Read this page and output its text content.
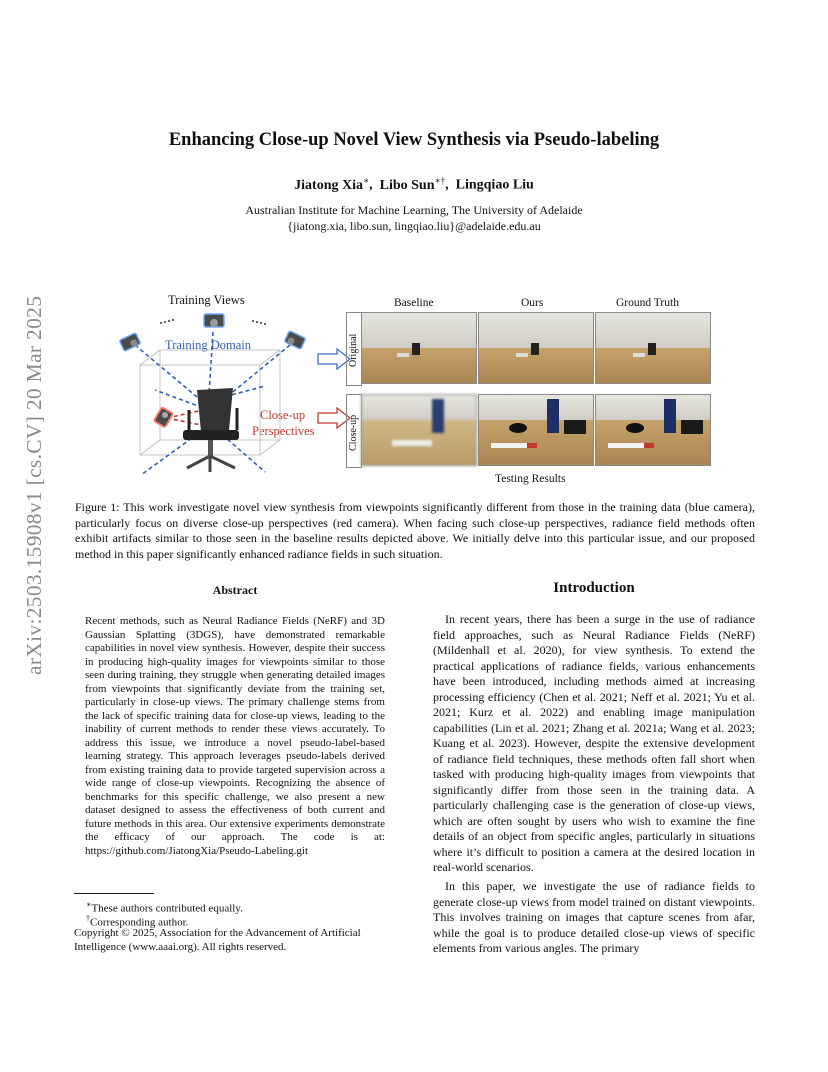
Enhancing Close-up Novel View Synthesis via Pseudo-labeling
Jiatong Xia∗,  Libo Sun∗†,  Lingqiao Liu
Australian Institute for Machine Learning, The University of Adelaide
{jiatong.xia, libo.sun, lingqiao.liu}@adelaide.edu.au
arXiv:2503.15908v1 [cs.CV] 20 Mar 2025	Training Views
Training Domain
Close-up
Perspectives
Baseline	Ours	Ground Truth
Original
Close-up
Testing Results
Figure 1: This work investigate novel view synthesis from viewpoints significantly different from those in the training data (blue camera), particularly focus on diverse close-up perspectives (red camera). When facing such close-up perspectives, radiance field methods often exhibit artifacts similar to those seen in the baseline results depicted above. We initially delve into this particular issue, and our proposed method in this paper significantly enhanced radiance fields in such situation.
Abstract
Recent methods, such as Neural Radiance Fields (NeRF) and 3D Gaussian Splatting (3DGS), have demonstrated remarkable capabilities in novel view synthesis. However, despite their success in producing high-quality images for viewpoints similar to those seen during training, they struggle when generating detailed images from viewpoints that significantly deviate from the training set, particularly in close-up views. The primary challenge stems from the lack of specific training data for close-up views, leading to the inability of current methods to render these views accurately. To address this issue, we introduce a novel pseudo-label-based learning strategy. This approach leverages pseudo-labels derived from existing training data to provide targeted supervision across a wide range of close-up viewpoints. Recognizing the absence of benchmarks for this specific challenge, we also present a new dataset designed to assess the effectiveness of both current and future methods in this area. Our extensive experiments demonstrate the efficacy of our approach. The code is at: https://github.com/JiatongXia/Pseudo-Labeling.git
∗These authors contributed equally.
†Corresponding author.
Copyright © 2025, Association for the Advancement of Artificial Intelligence (www.aaai.org). All rights reserved.
Introduction
In recent years, there has been a surge in the use of radiance field approaches, such as Neural Radiance Fields (NeRF) (Mildenhall et al. 2020), for view synthesis. To extend the practical applications of radiance fields, various enhancements have been introduced, including methods aimed at increasing processing efficiency (Chen et al. 2021; Neff et al. 2021; Yu et al. 2021; Kurz et al. 2022) and enabling image manipulation capabilities (Lin et al. 2021; Zhang et al. 2021a; Wang et al. 2023; Kuang et al. 2023). However, despite the extensive development of radiance field techniques, these methods often fall short when tasked with producing high-quality images from viewpoints that significantly differ from those seen in the training data. A particularly challenging case is the generation of close-up views, which are often sought by users who wish to examine the fine details of an object from specific angles, particularly in situations where it’s difficult to position a camera at the desired location in real-world scenarios.
In this paper, we investigate the use of radiance fields to generate close-up views from model trained on distant viewpoints. This involves training on images that capture scenes from afar, while the goal is to produce detailed close-up views of specific elements from various angles. The primary
